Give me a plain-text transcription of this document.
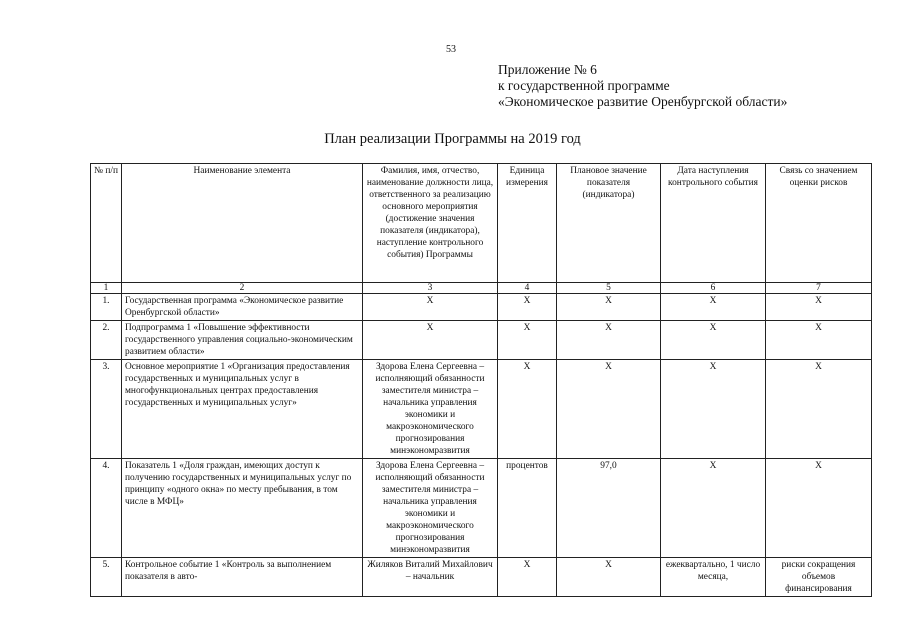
53
Приложение № 6
к государственной программе
«Экономическое развитие Оренбургской области»
План реализации Программы на 2019 год
№ п/п	Наименование элемента	Фамилия, имя, отчество, наименование должности лица, ответственного за реализацию основного мероприятия (достижение значения показателя (индикатора), наступление контрольного события) Программы	Единица измерения	Плановое значение показателя (индикатора)	Дата наступления контрольного события	Связь со значением оценки рисков
1	2	3	4	5	6	7
1.	Государственная программа «Экономическое развитие Оренбургской области»	X	X	X	X	X
2.	Подпрограмма 1 «Повышение эффективности государственного управления социально-экономическим развитием области»	X	X	X	X	X
3.	Основное мероприятие 1 «Организация предоставления государственных и муниципальных услуг в многофункциональных центрах предоставления государственных и муниципальных услуг»	Здорова Елена Сергеевна – исполняющий обязанности заместителя министра – начальника управления экономики и макроэкономического прогнозирования минэкономразвития	X	X	X	X
4.	Показатель 1 «Доля граждан, имеющих доступ к получению государственных и муниципальных услуг по принципу «одного окна» по месту пребывания, в том числе в МФЦ»	Здорова Елена Сергеевна – исполняющий обязанности заместителя министра – начальника управления экономики и макроэкономического прогнозирования минэкономразвития	процентов	97,0	X	X
5.	Контрольное событие 1 «Контроль за выполнением показателя в авто-	Жиляков Виталий Михайлович – начальник	X	X	ежеквартально, 1 число месяца,	риски сокращения объемов финансирования
